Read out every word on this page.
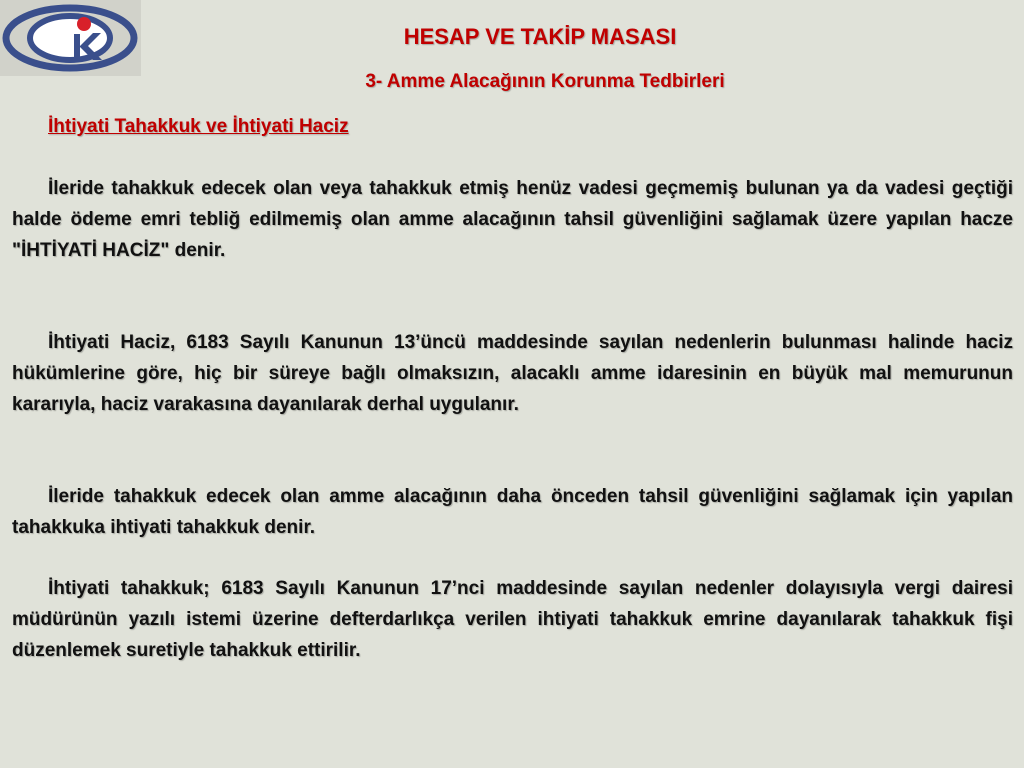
HESAP VE TAKİP MASASI
3- Amme Alacağının Korunma Tedbirleri
İhtiyati Tahakkuk ve İhtiyati Haciz

İleride tahakkuk edecek olan veya tahakkuk etmiş henüz vadesi geçmemiş bulunan ya da vadesi geçtiği halde ödeme emri tebliğ edilmemiş olan amme alacağının tahsil güvenliğini sağlamak üzere yapılan hacze "İHTİYATİ HACİZ" denir.

İhtiyati Haciz, 6183 Sayılı Kanunun 13’üncü maddesinde sayılan nedenlerin bulunması halinde haciz hükümlerine göre, hiç bir süreye bağlı olmaksızın, alacaklı amme idaresinin en büyük mal memurunun kararıyla, haciz varakasına dayanılarak derhal uygulanır.

İleride tahakkuk edecek olan amme alacağının daha önceden tahsil güvenliğini sağlamak için yapılan tahakkuka ihtiyati tahakkuk denir.

İhtiyati tahakkuk; 6183 Sayılı Kanunun 17’nci maddesinde sayılan nedenler dolayısıyla vergi dairesi müdürünün yazılı istemi üzerine defterdarlıkça verilen ihtiyati tahakkuk emrine dayanılarak tahakkuk fişi düzenlemek suretiyle tahakkuk ettirilir.
